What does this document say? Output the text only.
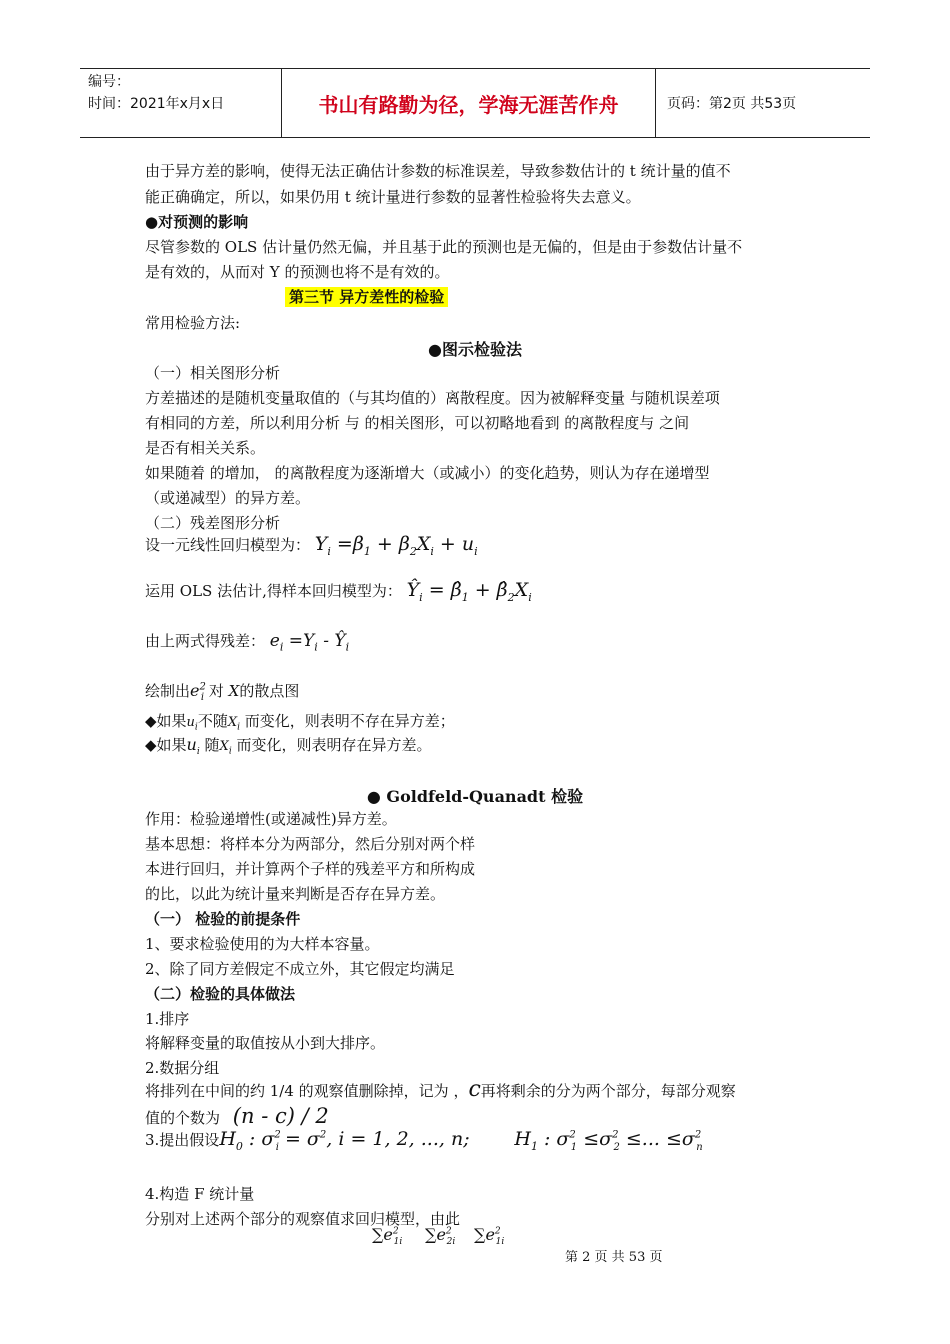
编号：
时间：2021年x月x日	书山有路勤为径，学海无涯苦作舟	页码：第2页 共53页
由于异方差的影响，使得无法正确估计参数的标准误差，导致参数估计的 t 统计量的值不
能正确确定，所以，如果仍用 t 统计量进行参数的显著性检验将失去意义。
●对预测的影响
尽管参数的 OLS 估计量仍然无偏，并且基于此的预测也是无偏的，但是由于参数估计量不
是有效的，从而对 Y 的预测也将不是有效的。
第三节 异方差性的检验
常用检验方法:
●图示检验法
（一）相关图形分析
方差描述的是随机变量取值的（与其均值的）离散程度。因为被解释变量 与随机误差项
有相同的方差，所以利用分析 与 的相关图形，可以初略地看到 的离散程度与 之间
是否有相关关系。
如果随着 的增加， 的离散程度为逐渐增大（或减小）的变化趋势，则认为存在递增型
（或递减型）的异方差。
（二）残差图形分析
设一元线性回归模型为： $Y_i =\beta_1 + \beta_2X_i + u_i$
运用 OLS 法估计,得样本回归模型为： $Ŷ_i$ = $\betâ_1$ + $\betâ_2X_i$
由上两式得残差： $e_i =Y_i$ - $Ŷ_i$
绘制出$e^2_i$ 对 X的散点图
◆如果$u_i$不随$X_i$ 而变化，则表明不存在异方差；
◆如果$u_i$ 随$X_i$ 而变化，则表明存在异方差。
● Goldfeld-Quanadt 检验
作用：检验递增性(或递减性)异方差。
基本思想：将样本分为两部分，然后分别对两个样
本进行回归，并计算两个子样的残差平方和所构成
的比，以此为统计量来判断是否存在异方差。
（一） 检验的前提条件
1、要求检验使用的为大样本容量。
2、除了同方差假定不成立外，其它假定均满足
（二）检验的具体做法
1.排序
将解释变量的取值按从小到大排序。
2.数据分组
将排列在中间的约 1/4 的观察值删除掉，记为 ，c再将剩余的分为两个部分，每部分观察
值的个数为 (n - c) / 2
3.提出假设$H_0$ : $\sigma^2_i = \sigma^2$, i = 1, 2, ..., n; $H_1$ : $\sigma^2_1 \le\sigma^2_2$ ≤... $\le\sigma^2_n$
4.构造 F 统计量
分别对上述两个部分的观察值求回归模型，由此
$\sum e^2_{1i}$ $\sum e^2_{2i}$ $\sum e^2_{1i}$
第 2 页 共 53 页
